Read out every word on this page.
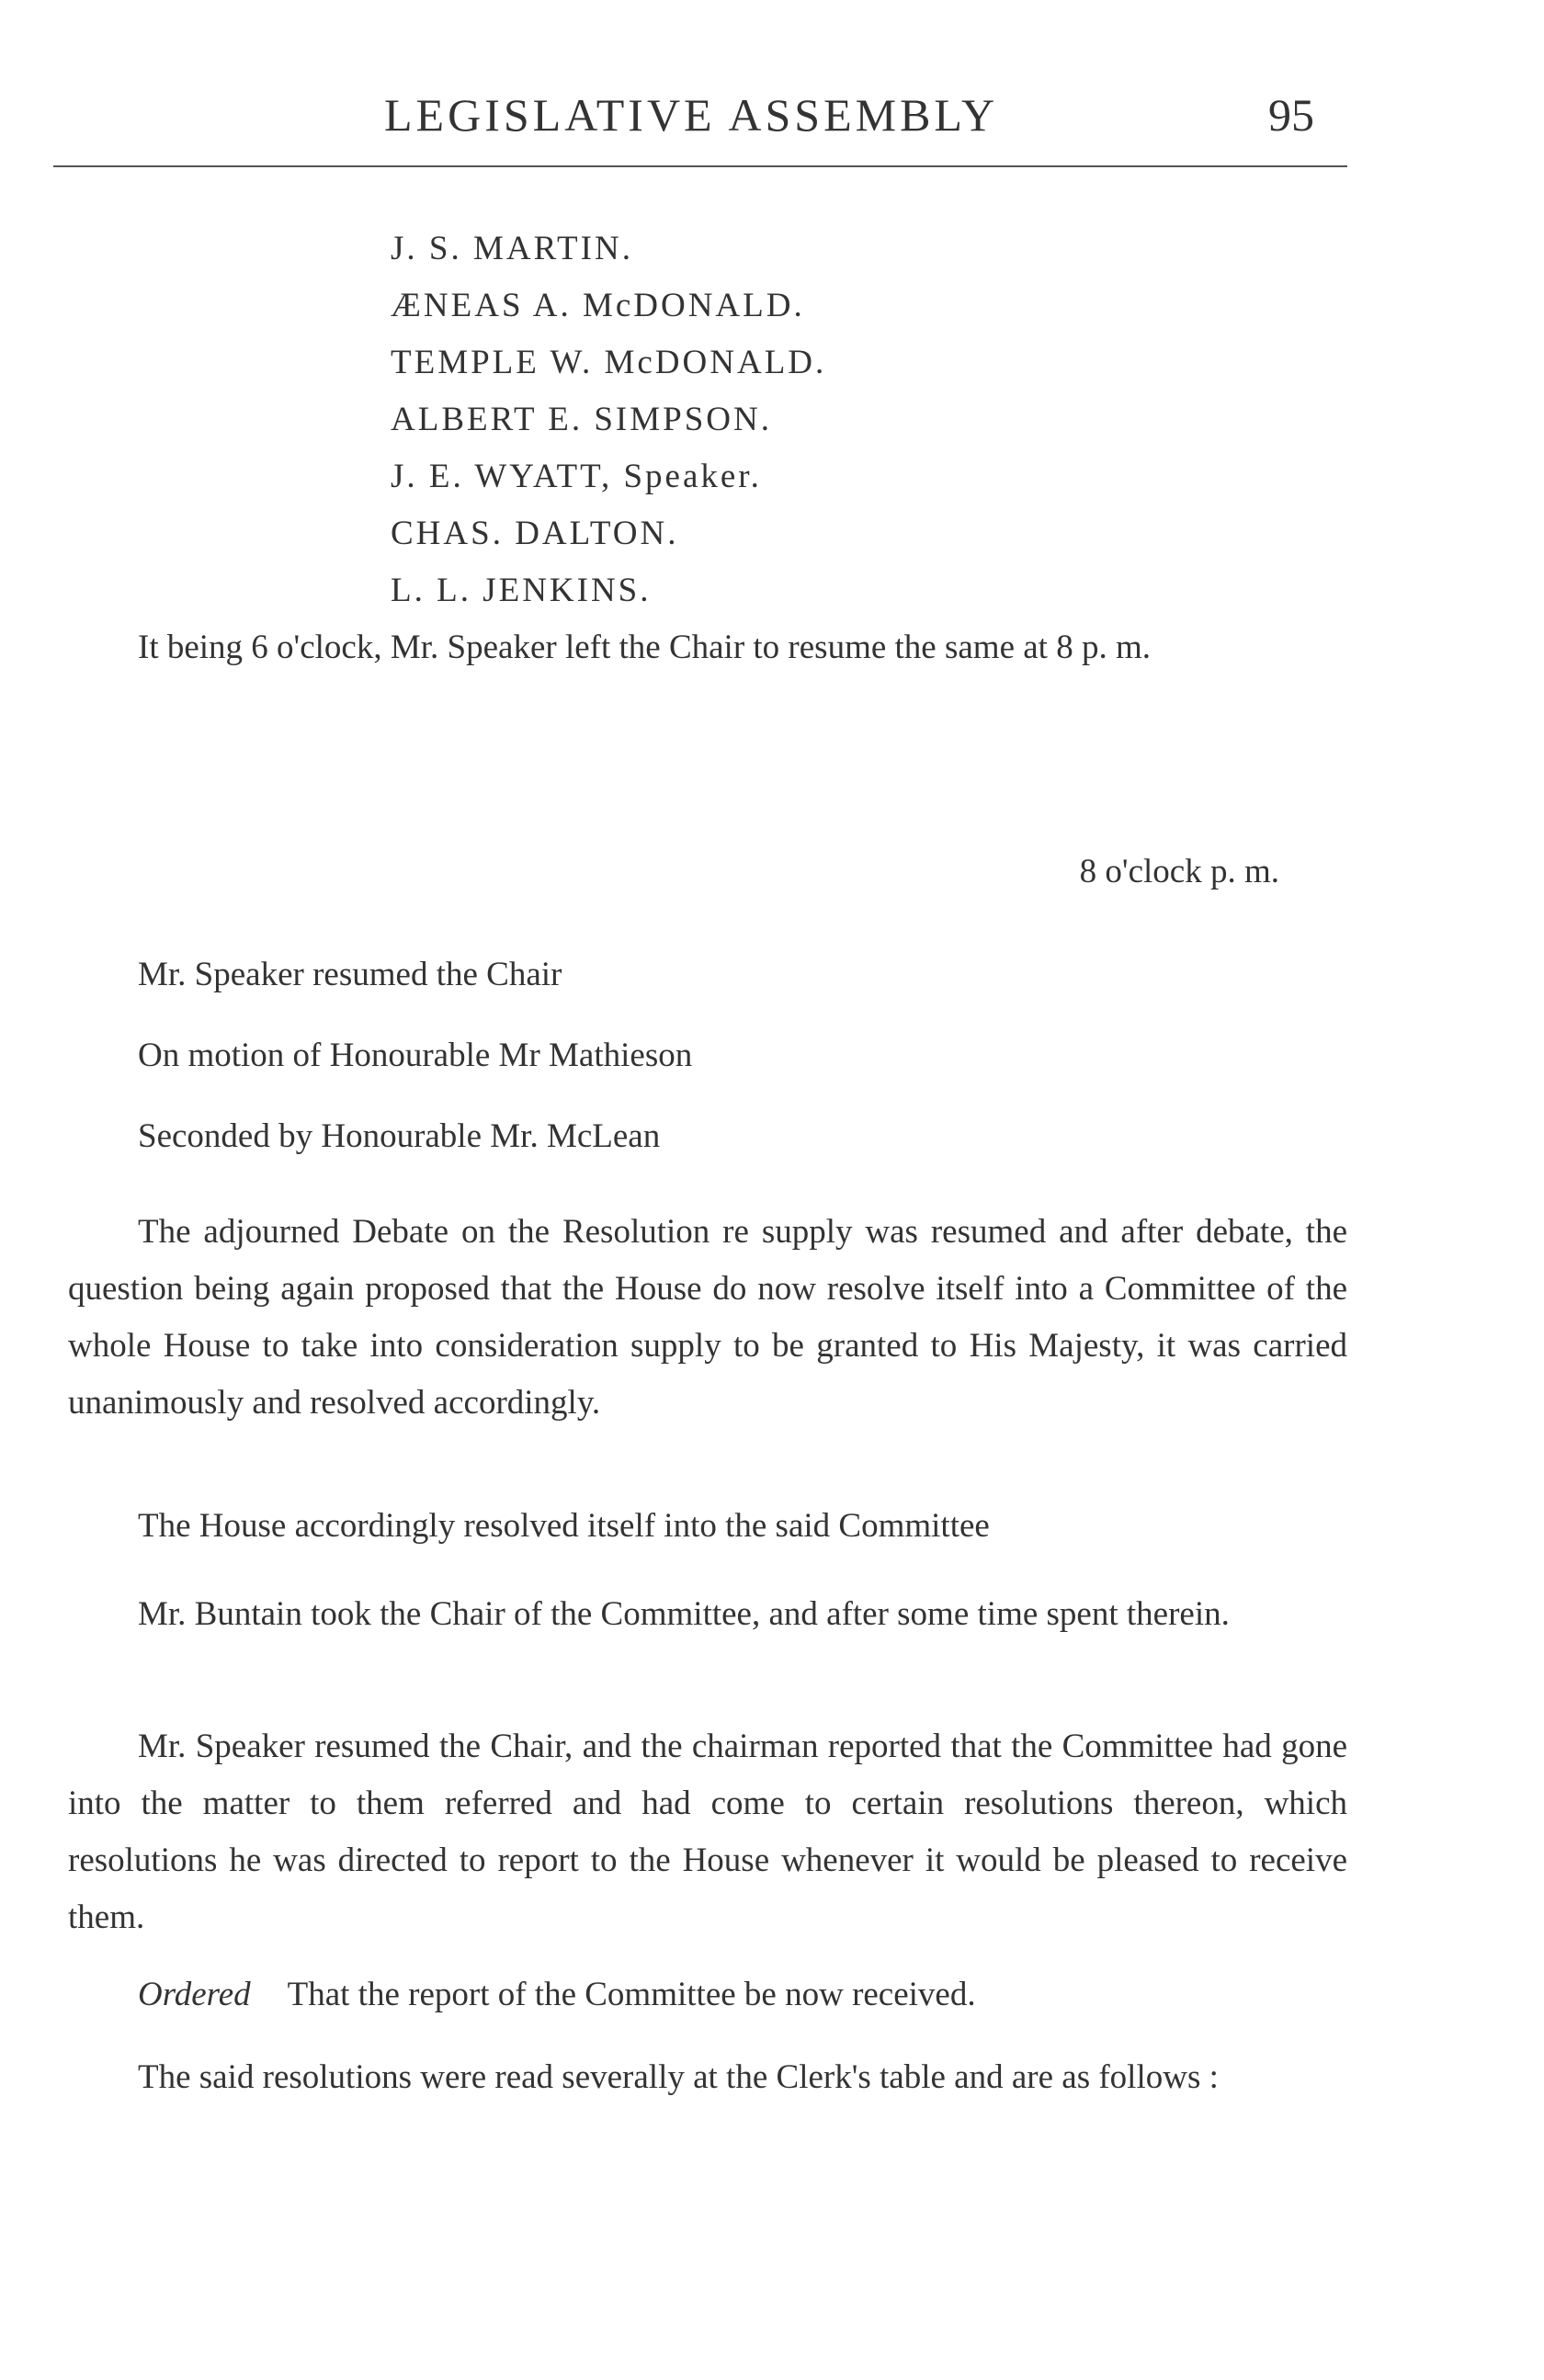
LEGISLATIVE ASSEMBLY	95
J. S. MARTIN.
ÆNEAS A. McDONALD.
TEMPLE W. McDONALD.
ALBERT E. SIMPSON.
J. E. WYATT, Speaker.
CHAS. DALTON.
L. L. JENKINS.

It being 6 o'clock, Mr. Speaker left the Chair to resume the same at 8 p. m.

8 o'clock p. m.

Mr. Speaker resumed the Chair

On motion of Honourable Mr Mathieson

Seconded by Honourable Mr. McLean

The adjourned Debate on the Resolution re supply was resumed and after debate, the question being again proposed that the House do now resolve itself into a Committee of the whole House to take into consideration supply to be granted to His Majesty, it was carried unanimously and resolved accordingly.

The House accordingly resolved itself into the said Committee

Mr. Buntain took the Chair of the Committee, and after some time spent therein.

Mr. Speaker resumed the Chair, and the chairman reported that the Committee had gone into the matter to them referred and had come to certain resolutions thereon, which resolutions he was directed to report to the House whenever it would be pleased to receive them.

Ordered That the report of the Committee be now received.

The said resolutions were read severally at the Clerk's table and are as follows :
